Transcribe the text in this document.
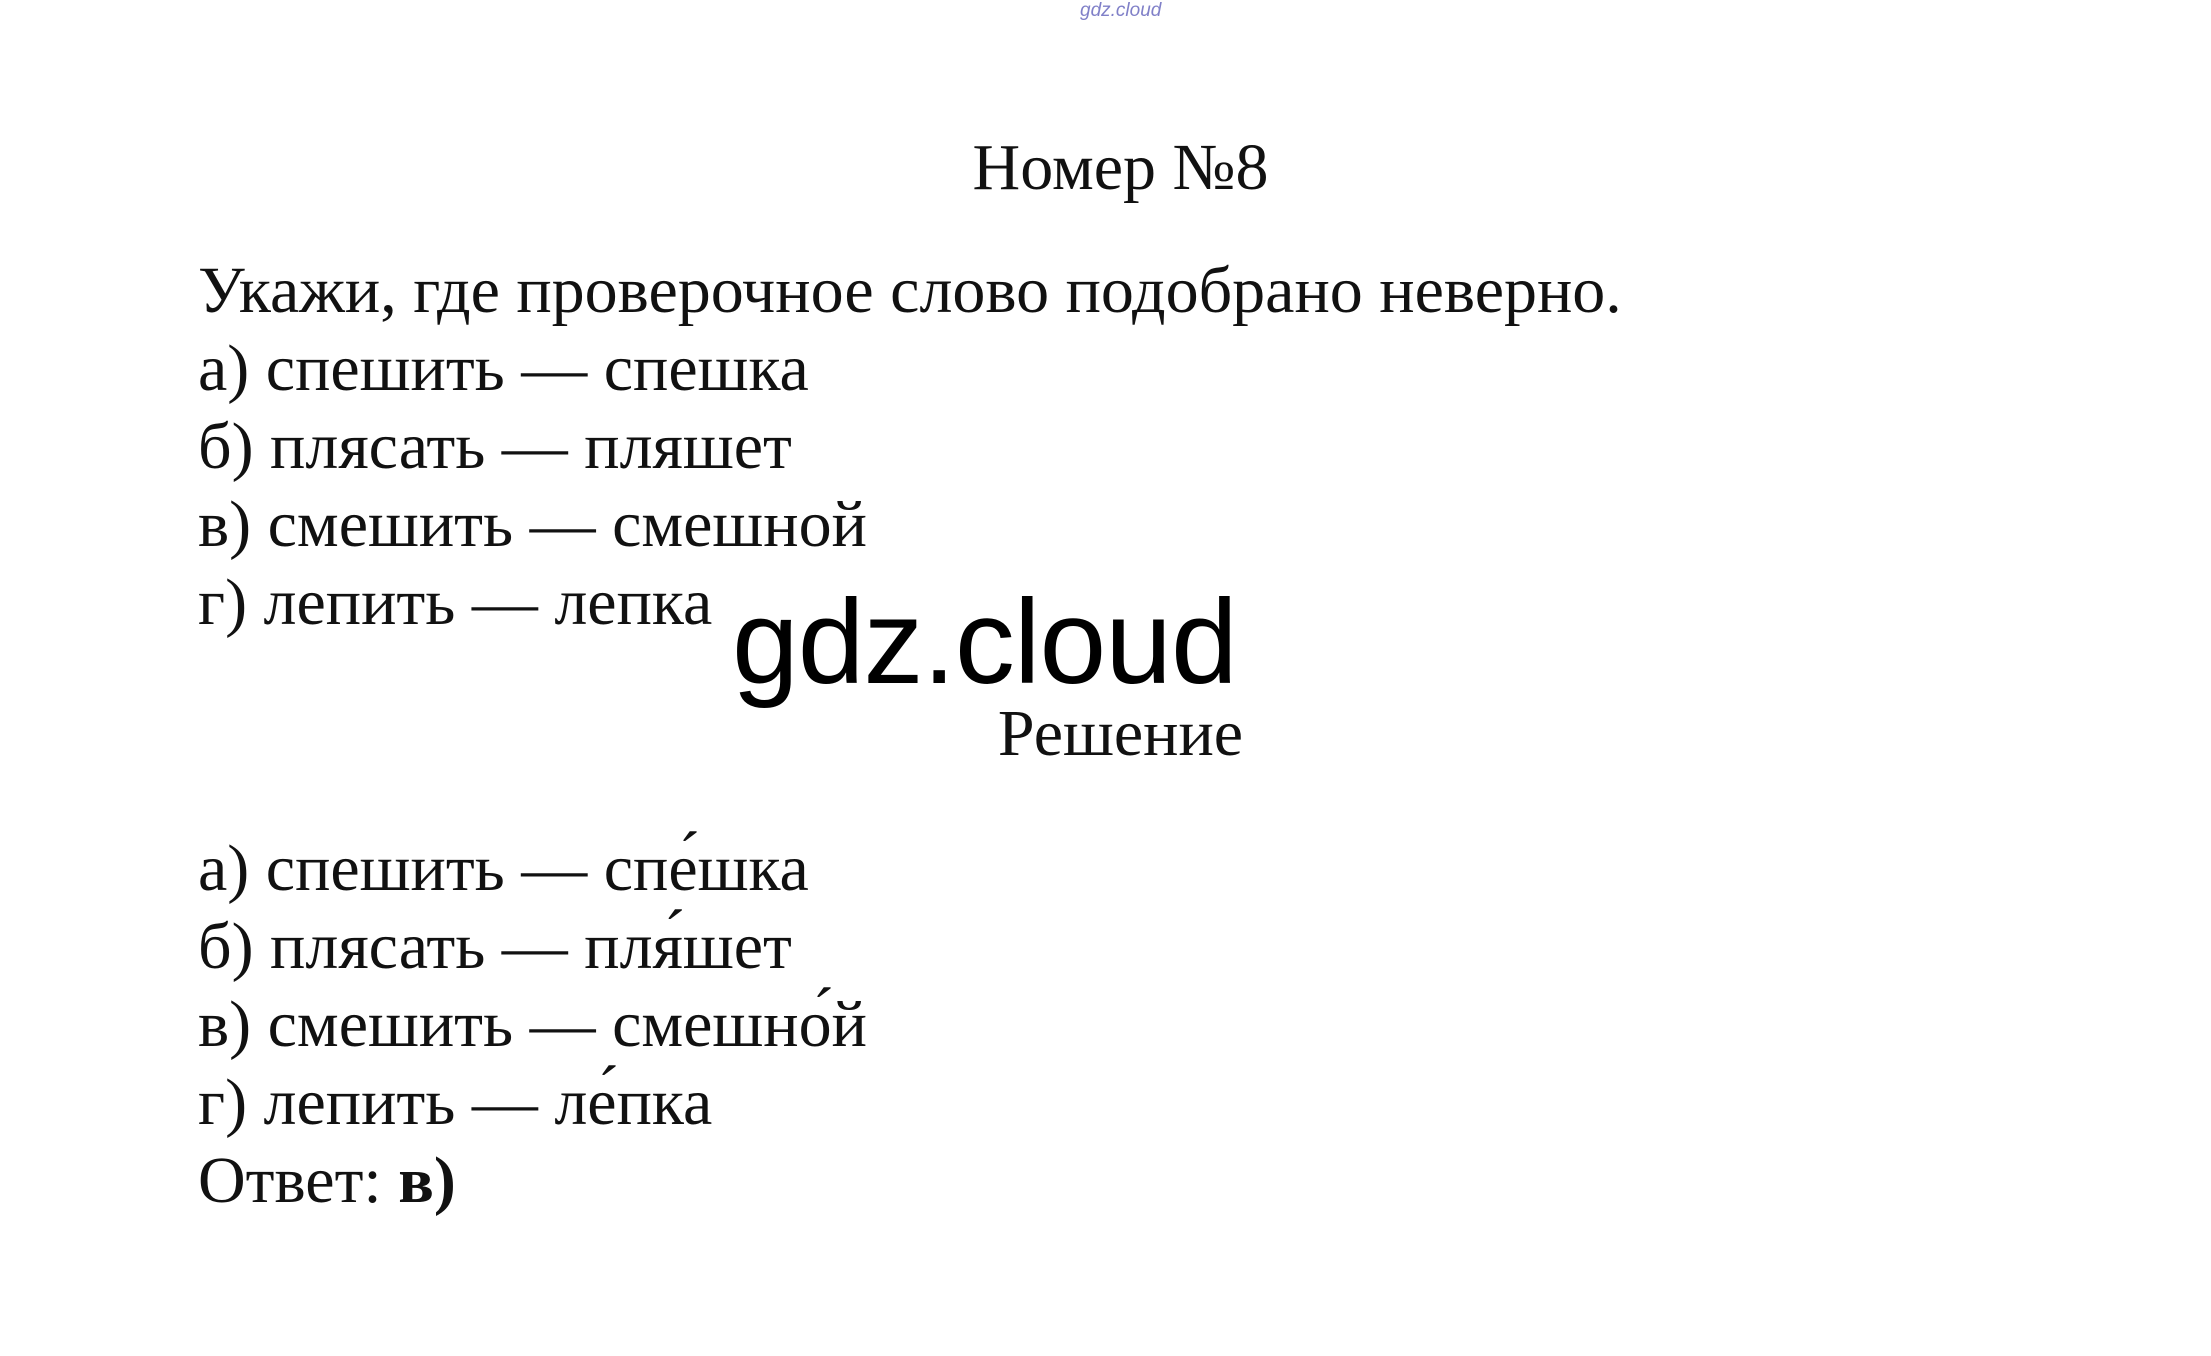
gdz.cloud
Номер №8
Укажи, где проверочное слово подобрано неверно.
а) спешить — спешка
б) плясать — пляшет
в) смешить — смешной
г) лепить — лепка gdz.cloud
Решение
а) спешить — спе́шка
б) плясать — пля́шет
в) смешить — смешно́й
г) лепить — ле́пка
Ответ: в)
